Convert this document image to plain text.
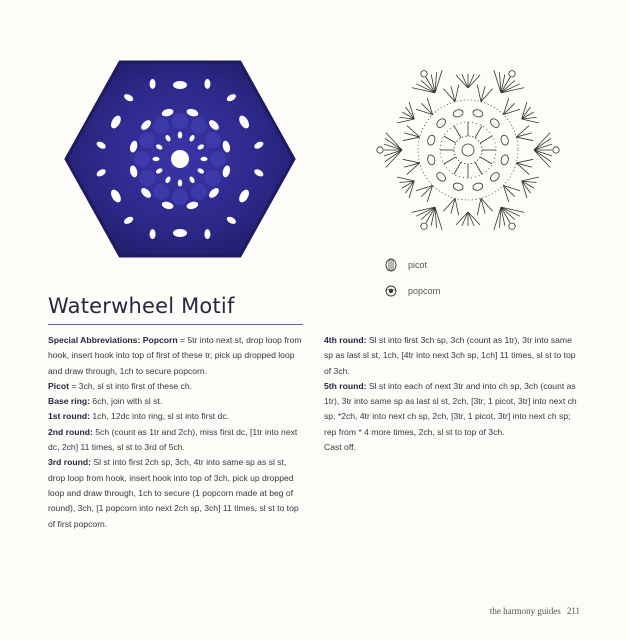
picot
popcorn
Waterwheel Motif

Special Abbreviations: Popcorn = 5tr into next st, drop loop from hook, insert hook into top of first of these tr, pick up dropped loop and draw through, 1ch to secure popcorn.

Picot = 3ch, sl st into first of these ch.

Base ring: 6ch, join with sl st.

1st round: 1ch, 12dc into ring, sl st into first dc.

2nd round: 5ch (count as 1tr and 2ch), miss first dc, [1tr into next dc, 2ch] 11 times, sl st to 3rd of 5ch.

3rd round: Sl st into first 2ch sp, 3ch, 4tr into same sp as sl st, drop loop from hook, insert hook into top of 3ch, pick up dropped loop and draw through, 1ch to secure (1 popcorn made at beg of round), 3ch, [1 popcorn into next 2ch sp, 3ch] 11 times, sl st to top of first popcorn.

4th round: Sl st into first 3ch sp, 3ch (count as 1tr), 3tr into same sp as last sl st, 1ch, [4tr into next 3ch sp, 1ch] 11 times, sl st to top of 3ch.

5th round: Sl st into each of next 3tr and into ch sp, 3ch (count as 1tr), 3tr into same sp as last sl st, 2ch, [3tr, 1 picot, 3tr] into next ch sp, *2ch, 4tr into next ch sp, 2ch, [3tr, 1 picot, 3tr] into next ch sp; rep from * 4 more times, 2ch, sl st to top of 3ch.

Cast off.

the harmony guides 211
